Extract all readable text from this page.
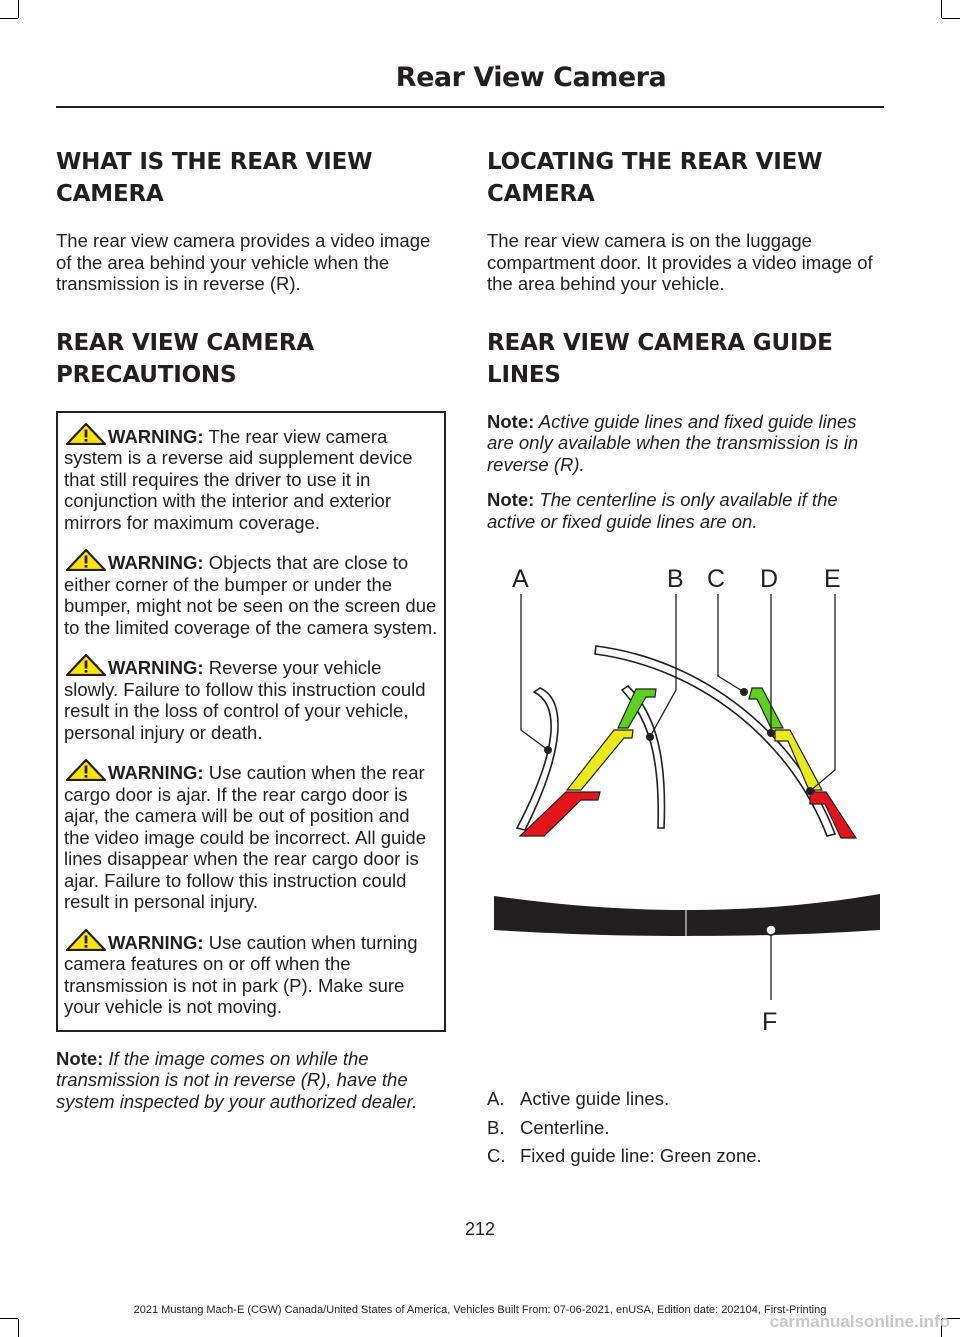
Rear View Camera
WHAT IS THE REAR VIEW CAMERA

The rear view camera provides a video image of the area behind your vehicle when the transmission is in reverse (R).

REAR VIEW CAMERA PRECAUTIONS
WARNING: The rear view camera system is a reverse aid supplement device that still requires the driver to use it in conjunction with the interior and exterior mirrors for maximum coverage.
WARNING: Objects that are close to either corner of the bumper or under the bumper, might not be seen on the screen due to the limited coverage of the camera system.
WARNING: Reverse your vehicle slowly. Failure to follow this instruction could result in the loss of control of your vehicle, personal injury or death.
WARNING: Use caution when the rear cargo door is ajar. If the rear cargo door is ajar, the camera will be out of position and the video image could be incorrect. All guide lines disappear when the rear cargo door is ajar. Failure to follow this instruction could result in personal injury.
WARNING: Use caution when turning camera features on or off when the transmission is not in park (P). Make sure your vehicle is not moving.

Note: If the image comes on while the transmission is not in reverse (R), have the system inspected by your authorized dealer.

LOCATING THE REAR VIEW CAMERA

The rear view camera is on the luggage compartment door. It provides a video image of the area behind your vehicle.

REAR VIEW CAMERA GUIDE LINES

Note: Active guide lines and fixed guide lines are only available when the transmission is in reverse (R).

Note: The centerline is only available if the active or fixed guide lines are on.

A	B C D E
F
A. Active guide lines.
B. Centerline.
C. Fixed guide line: Green zone.
212
2021 Mustang Mach-E (CGW) Canada/United States of America, Vehicles Built From: 07-06-2021, enUSA, Edition date: 202104, First-Printing
carmanualsonline.info
